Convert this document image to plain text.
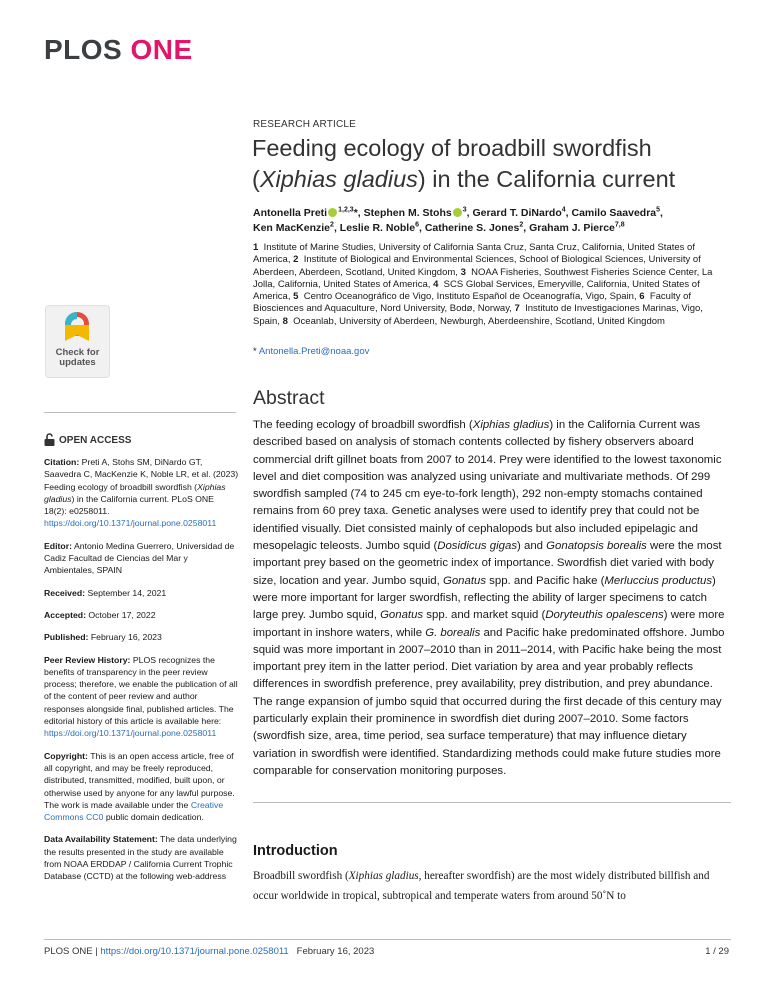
PLOS ONE
Check for
updates
RESEARCH ARTICLE
Feeding ecology of broadbill swordfish
(Xiphias gladius) in the California current
Antonella Preti $^{1,2,3}$*, Stephen M. Stohs $^3$, Gerard T. DiNardo$^4$, Camilo Saavedra$^5$,
Ken MacKenzie$^2$, Leslie R. Noble$^6$, Catherine S. Jones$^2$, Graham J. Pierce$^{7,8}$
1 Institute of Marine Studies, University of California Santa Cruz, Santa Cruz, California, United States of America, 2 Institute of Biological and Environmental Sciences, School of Biological Sciences, University of Aberdeen, Aberdeen, Scotland, United Kingdom, 3 NOAA Fisheries, Southwest Fisheries Science Center, La Jolla, California, United States of America, 4 SCS Global Services, Emeryville, California, United States of America, 5 Centro Oceanográfico de Vigo, Instituto Español de Oceanografía, Vigo, Spain, 6 Faculty of Biosciences and Aquaculture, Nord University, Bodø, Norway, 7 Instituto de Investigaciones Marinas, Vigo, Spain, 8 Oceanlab, University of Aberdeen, Newburgh, Aberdeenshire, Scotland, United Kingdom
* Antonella.Preti@noaa.gov
OPEN ACCESS

Citation: Preti A, Stohs SM, DiNardo GT, Saavedra C, MacKenzie K, Noble LR, et al. (2023) Feeding ecology of broadbill swordfish (Xiphias gladius) in the California current. PLoS ONE 18(2): e0258011. https://doi.org/10.1371/journal.pone.0258011

Editor: Antonio Medina Guerrero, Universidad de Cadiz Facultad de Ciencias del Mar y Ambientales, SPAIN

Received: September 14, 2021

Accepted: October 17, 2022

Published: February 16, 2023

Peer Review History: PLOS recognizes the benefits of transparency in the peer review process; therefore, we enable the publication of all of the content of peer review and author responses alongside final, published articles. The editorial history of this article is available here: https://doi.org/10.1371/journal.pone.0258011

Copyright: This is an open access article, free of all copyright, and may be freely reproduced, distributed, transmitted, modified, built upon, or otherwise used by anyone for any lawful purpose. The work is made available under the Creative Commons CC0 public domain dedication.

Data Availability Statement: The data underlying the results presented in the study are available from NOAA ERDDAP / California Current Trophic Database (CCTD) at the following web-address

Abstract
The feeding ecology of broadbill swordfish (Xiphias gladius) in the California Current was described based on analysis of stomach contents collected by fishery observers aboard commercial drift gillnet boats from 2007 to 2014. Prey were identified to the lowest taxonomic level and diet composition was analyzed using univariate and multivariate methods. Of 299 swordfish sampled (74 to 245 cm eye-to-fork length), 292 non-empty stomachs contained remains from 60 prey taxa. Genetic analyses were used to identify prey that could not be identified visually. Diet consisted mainly of cephalopods but also included epipelagic and mesopelagic teleosts. Jumbo squid (Dosidicus gigas) and Gonatopsis borealis were the most important prey based on the geometric index of importance. Swordfish diet varied with body size, location and year. Jumbo squid, Gonatus spp. and Pacific hake (Merluccius productus) were more important for larger swordfish, reflecting the ability of larger specimens to catch large prey. Jumbo squid, Gonatus spp. and market squid (Doryteuthis opalescens) were more important in inshore waters, while G. borealis and Pacific hake predominated offshore. Jumbo squid was more important in 2007–2010 than in 2011–2014, with Pacific hake being the most important prey item in the latter period. Diet variation by area and year probably reflects differences in swordfish preference, prey availability, prey distribution, and prey abundance. The range expansion of jumbo squid that occurred during the first decade of this century may particularly explain their prominence in swordfish diet during 2007–2010. Some factors (swordfish size, area, time period, sea surface temperature) that may influence dietary variation in swordfish were identified. Standardizing methods could make future studies more comparable for conservation monitoring purposes.
Introduction
Broadbill swordfish (Xiphias gladius, hereafter swordfish) are the most widely distributed billfish and occur worldwide in tropical, subtropical and temperate waters from around 50˚N to
PLOS ONE | https://doi.org/10.1371/journal.pone.0258011 February 16, 2023	1 / 29
